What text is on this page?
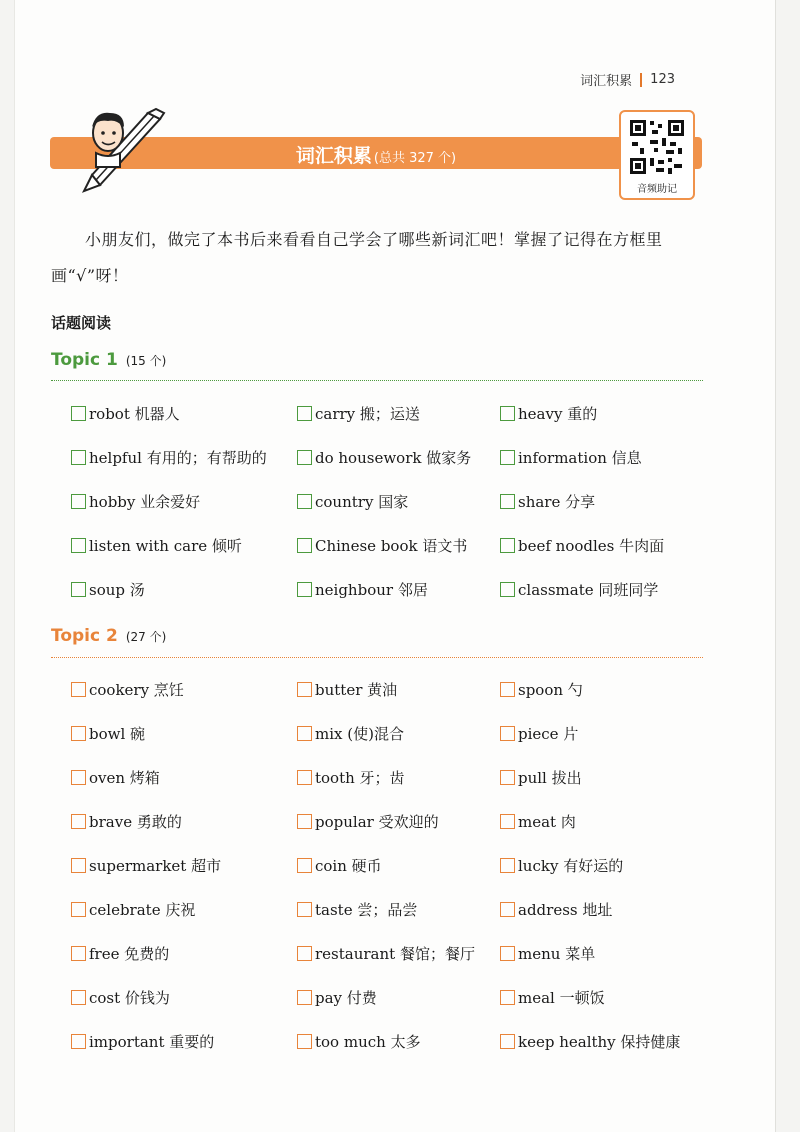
词汇积累 123
词汇积累 (总共 327 个)
音频助记
小朋友们，做完了本书后来看看自己学会了哪些新词汇吧！掌握了记得在方框里画“√”呀！
话题阅读
Topic 1 (15 个)
robot 机器人	carry 搬；运送	heavy 重的
helpful 有用的；有帮助的	do housework 做家务	information 信息
hobby 业余爱好	country 国家	share 分享
listen with care 倾听	Chinese book 语文书	beef noodles 牛肉面
soup 汤	neighbour 邻居	classmate 同班同学
Topic 2 (27 个)
cookery 烹饪	butter 黄油	spoon 勺
bowl 碗	mix (使)混合	piece 片
oven 烤箱	tooth 牙；齿	pull 拔出
brave 勇敢的	popular 受欢迎的	meat 肉
supermarket 超市	coin 硬币	lucky 有好运的
celebrate 庆祝	taste 尝；品尝	address 地址
free 免费的	restaurant 餐馆；餐厅	menu 菜单
cost 价钱为	pay 付费	meal 一顿饭
important 重要的	too much 太多	keep healthy 保持健康
